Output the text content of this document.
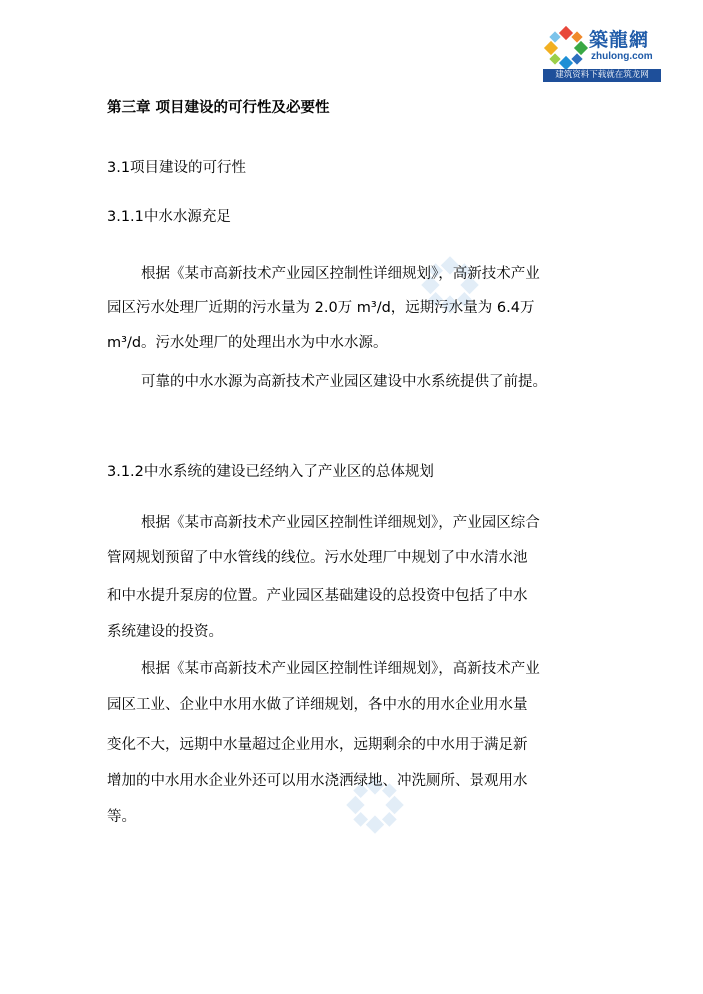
築龍網
zhulong.com
建筑资料下载就在筑龙网
第三章 项目建设的可行性及必要性
3.1项目建设的可行性
3.1.1中水水源充足
根据《某市高新技术产业园区控制性详细规划》，高新技术产业
园区污水处理厂近期的污水量为 2.0万 m³/d，远期污水量为 6.4万
m³/d。污水处理厂的处理出水为中水水源。
可靠的中水水源为高新技术产业园区建设中水系统提供了前提。
3.1.2中水系统的建设已经纳入了产业区的总体规划
根据《某市高新技术产业园区控制性详细规划》，产业园区综合
管网规划预留了中水管线的线位。污水处理厂中规划了中水清水池
和中水提升泵房的位置。产业园区基础建设的总投资中包括了中水
系统建设的投资。
根据《某市高新技术产业园区控制性详细规划》，高新技术产业
园区工业、企业中水用水做了详细规划，各中水的用水企业用水量
变化不大，远期中水量超过企业用水，远期剩余的中水用于满足新
增加的中水用水企业外还可以用水浇洒绿地、冲洗厕所、景观用水
等。
